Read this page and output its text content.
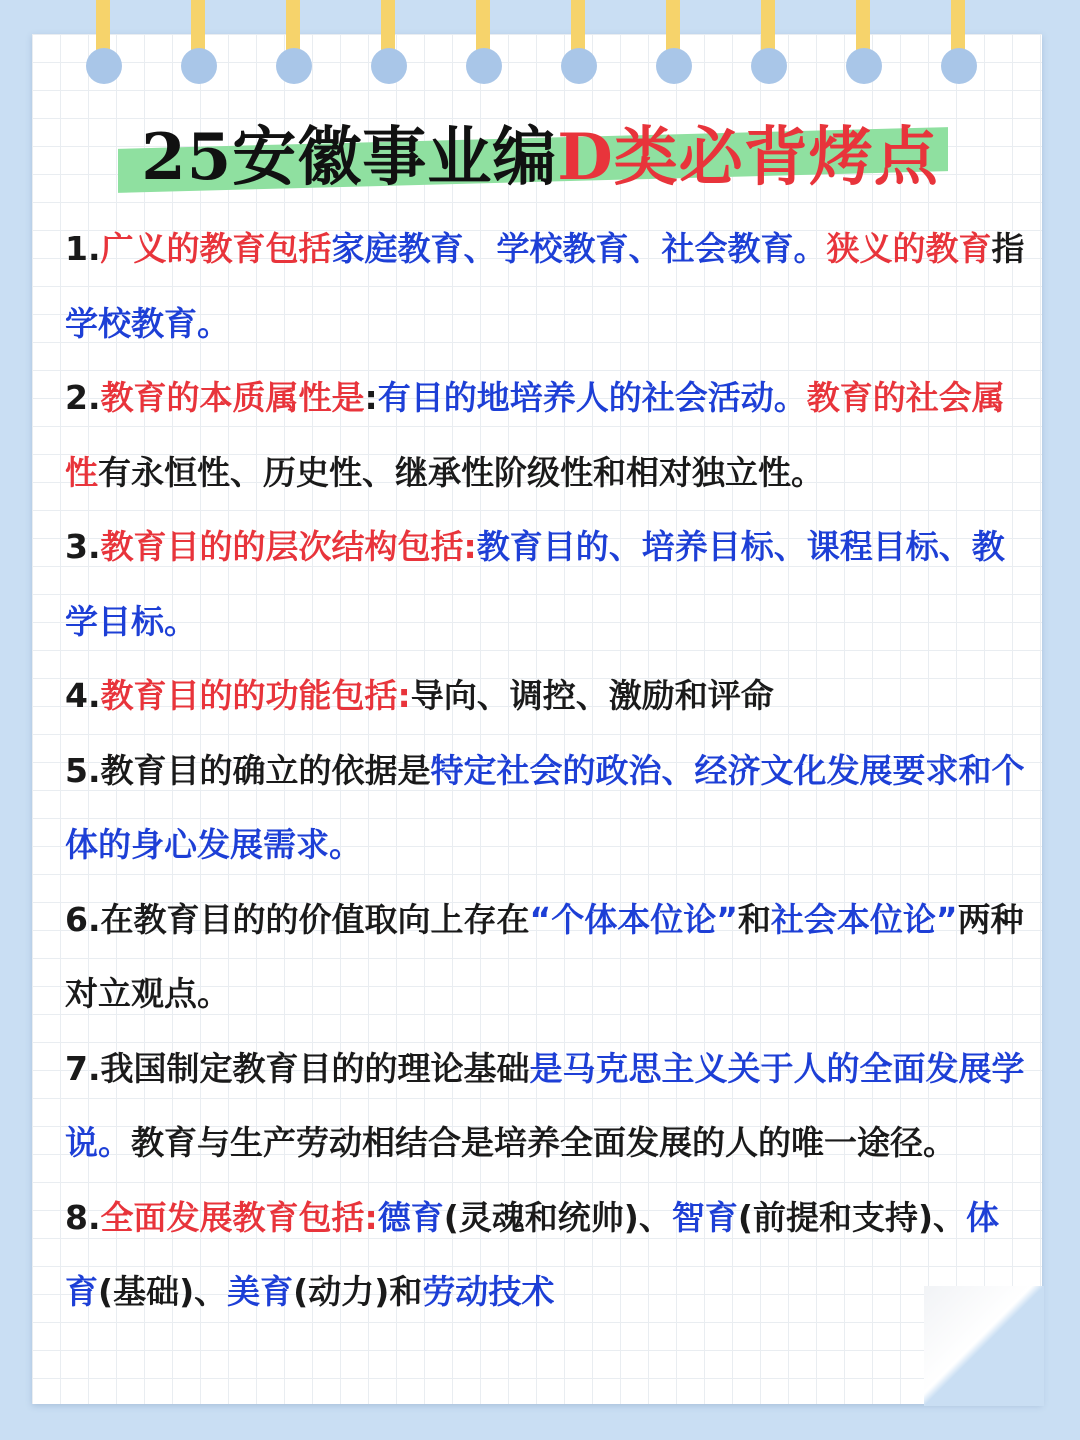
25安徽事业编D类必背烤点

1.广义的教育包括家庭教育、学校教育、社会教育。狭义的教育指学校教育。

2.教育的本质属性是:有目的地培养人的社会活动。教育的社会属性有永恒性、历史性、继承性阶级性和相对独立性。

3.教育目的的层次结构包括:教育目的、培养目标、课程目标、教学目标。

4.教育目的的功能包括:导向、调控、激励和评命

5.教育目的确立的依据是特定社会的政治、经济文化发展要求和个体的身心发展需求。

6.在教育目的的价值取向上存在“个体本位论”和社会本位论”两种对立观点。

7.我国制定教育目的的理论基础是马克思主义关于人的全面发展学说。教育与生产劳动相结合是培养全面发展的人的唯一途径。

8.全面发展教育包括:德育(灵魂和统帅)、智育(前提和支持)、体育(基础)、美育(动力)和劳动技术
